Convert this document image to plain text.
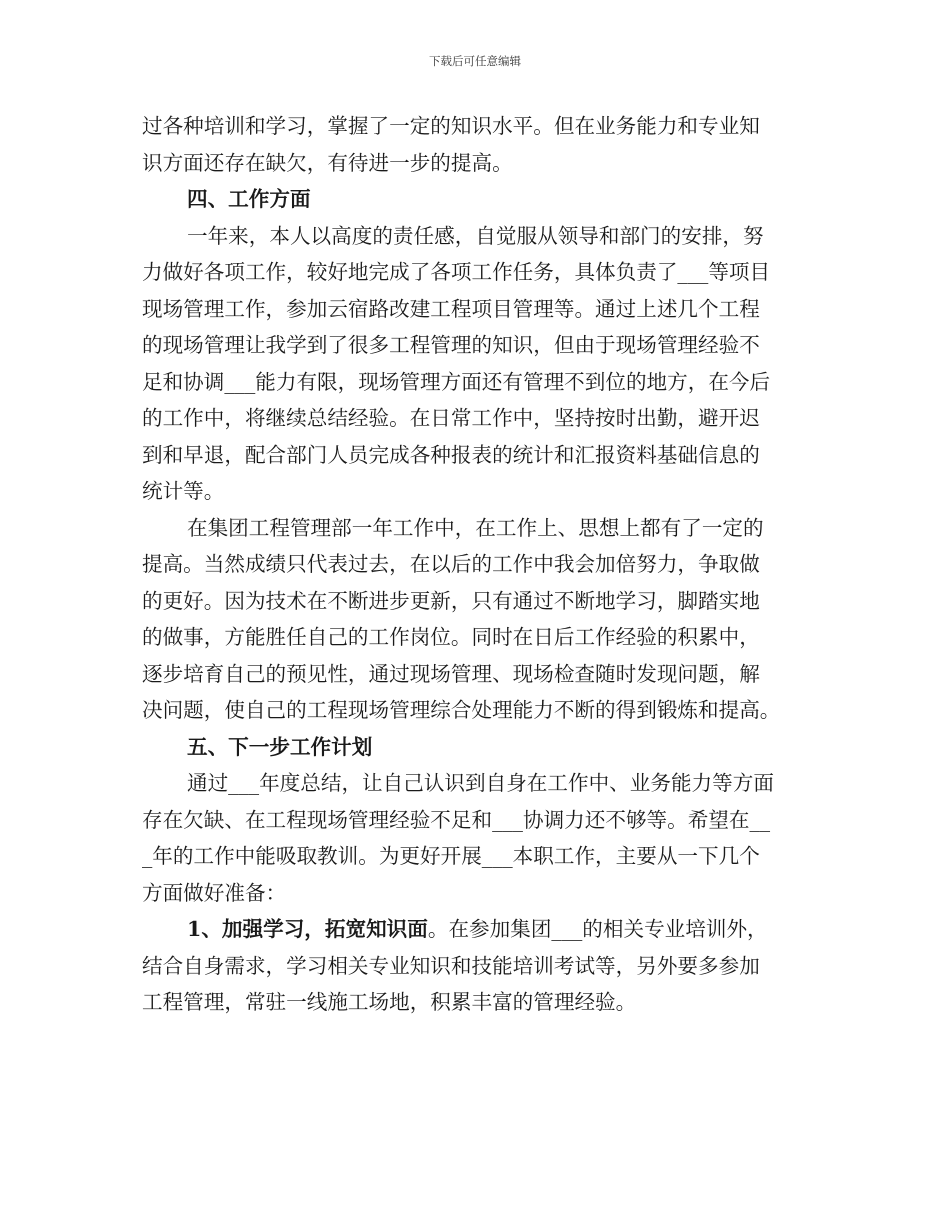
下载后可任意编辑
过各种培训和学习，掌握了一定的知识水平。但在业务能力和专业知
识方面还存在缺欠，有待进一步的提高。
四、工作方面
一年来，本人以高度的责任感，自觉服从领导和部门的安排，努
力做好各项工作，较好地完成了各项工作任务，具体负责了___等项目
现场管理工作，参加云宿路改建工程项目管理等。通过上述几个工程
的现场管理让我学到了很多工程管理的知识，但由于现场管理经验不
足和协调___能力有限，现场管理方面还有管理不到位的地方，在今后
的工作中，将继续总结经验。在日常工作中，坚持按时出勤，避开迟
到和早退，配合部门人员完成各种报表的统计和汇报资料基础信息的
统计等。
在集团工程管理部一年工作中，在工作上、思想上都有了一定的
提高。当然成绩只代表过去，在以后的工作中我会加倍努力，争取做
的更好。因为技术在不断进步更新，只有通过不断地学习，脚踏实地
的做事，方能胜任自己的工作岗位。同时在日后工作经验的积累中，
逐步培育自己的预见性，通过现场管理、现场检查随时发现问题，解
决问题，使自己的工程现场管理综合处理能力不断的得到锻炼和提高。
五、下一步工作计划
通过___年度总结，让自己认识到自身在工作中、业务能力等方面
存在欠缺、在工程现场管理经验不足和___协调力还不够等。希望在__
_年的工作中能吸取教训。为更好开展___本职工作，主要从一下几个
方面做好准备：
1、加强学习，拓宽知识面。在参加集团___的相关专业培训外，
结合自身需求，学习相关专业知识和技能培训考试等，另外要多参加
工程管理，常驻一线施工场地，积累丰富的管理经验。
